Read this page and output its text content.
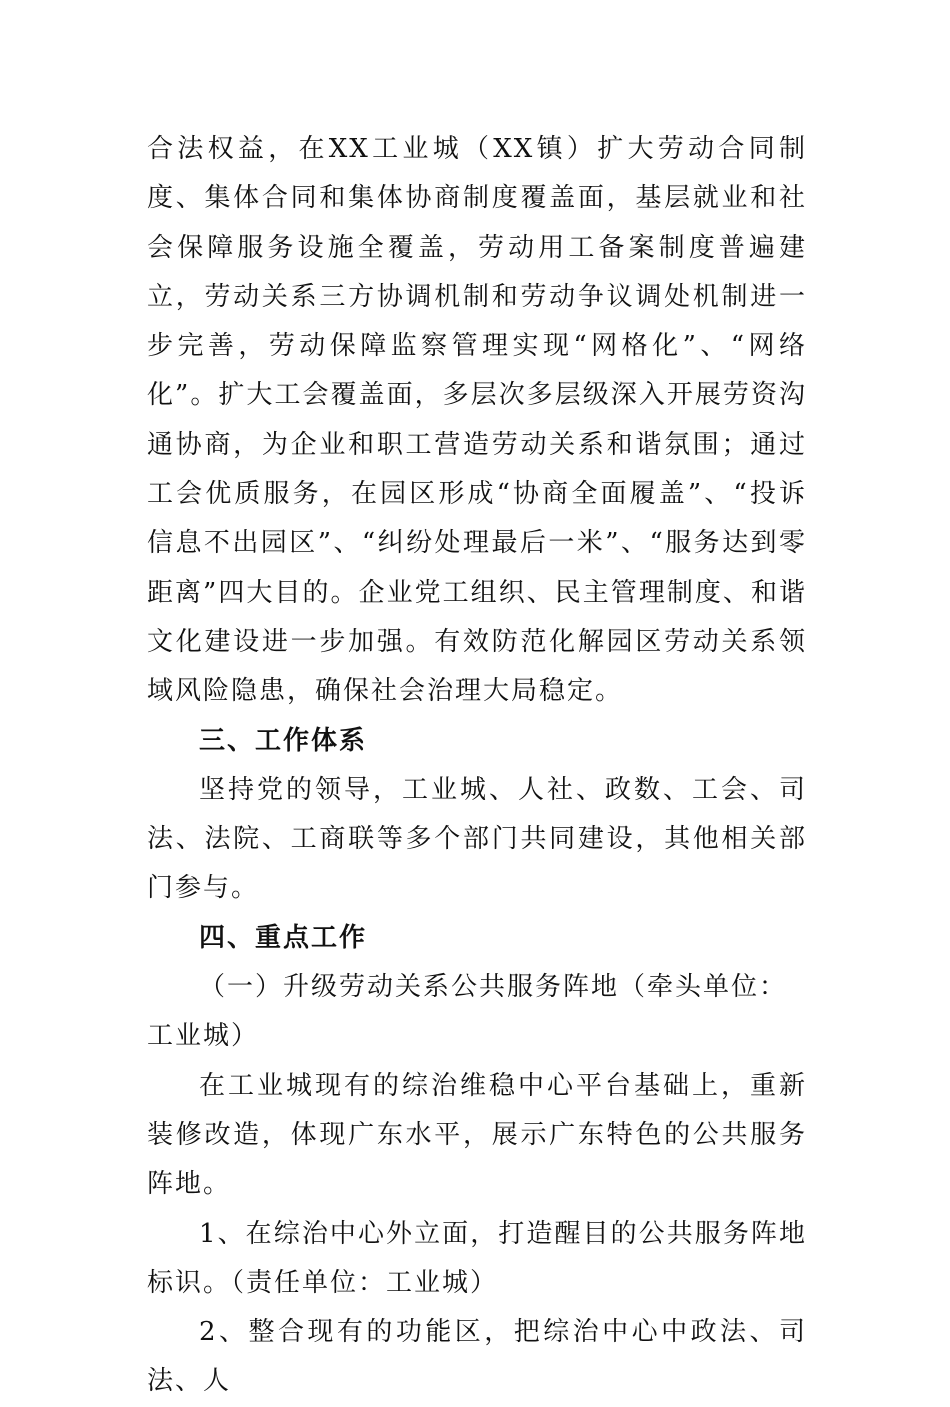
合法权益，在XX工业城（XX镇）扩大劳动合同制度、集体合同和集体协商制度覆盖面，基层就业和社会保障服务设施全覆盖，劳动用工备案制度普遍建立，劳动关系三方协调机制和劳动争议调处机制进一步完善，劳动保障监察管理实现“网格化”、“网络化”。扩大工会覆盖面，多层次多层级深入开展劳资沟通协商，为企业和职工营造劳动关系和谐氛围；通过工会优质服务，在园区形成“协商全面履盖”、“投诉信息不出园区”、“纠纷处理最后一米”、“服务达到零距离”四大目的。企业党工组织、民主管理制度、和谐文化建设进一步加强。有效防范化解园区劳动关系领域风险隐患，确保社会治理大局稳定。

三、工作体系

坚持党的领导，工业城、人社、政数、工会、司法、法院、工商联等多个部门共同建设，其他相关部门参与。

四、重点工作

（一）升级劳动关系公共服务阵地（牵头单位：工业城）

在工业城现有的综治维稳中心平台基础上，重新装修改造，体现广东水平，展示广东特色的公共服务阵地。

1、在综治中心外立面，打造醒目的公共服务阵地标识。（责任单位：工业城）

2、整合现有的功能区，把综治中心中政法、司法、人
